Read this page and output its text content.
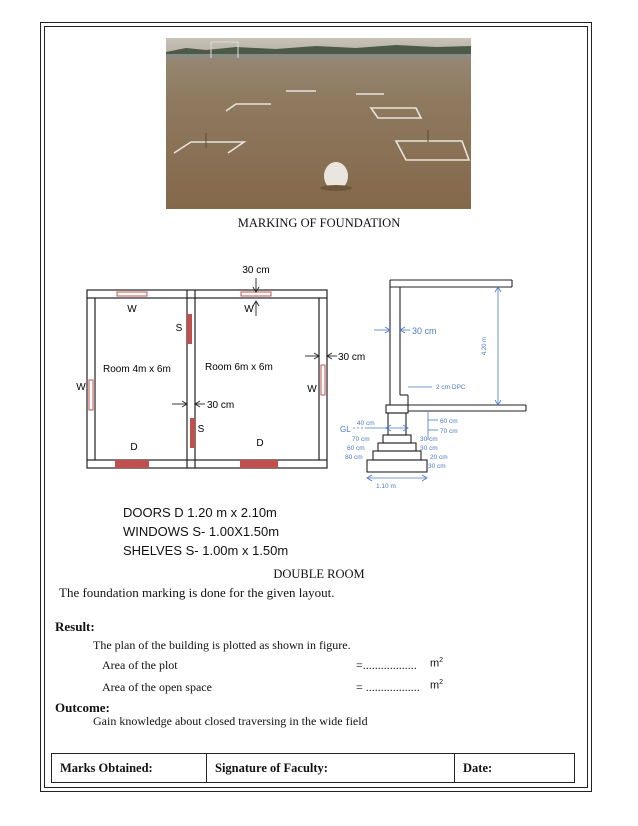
MARKING OF FOUNDATION
30 cm
30 cm
30 cm
W	W
W	W
S
S
D	D
Room 4m x 6m	Room 6m x 6m
30 cm
4.20 m
2 cm DPC
GL
40 cm	60 cm
70 cm
70 cm
60 cm
80 cm
30 cm
30 cm
20 cm
30 cm
1.10 m
DOORS D 1.20 m x 2.10m
WINDOWS S- 1.00X1.50m
SHELVES S- 1.00m x 1.50m
DOUBLE ROOM
The foundation marking is done for the given layout.
Result:
The plan of the building is plotted as shown in figure.
Area of the plot	=.................. $m^2$
Area of the open space	= .................. $m^2$
Outcome:
Gain knowledge about closed traversing in the wide field
Marks Obtained:	Signature of Faculty:	Date:
